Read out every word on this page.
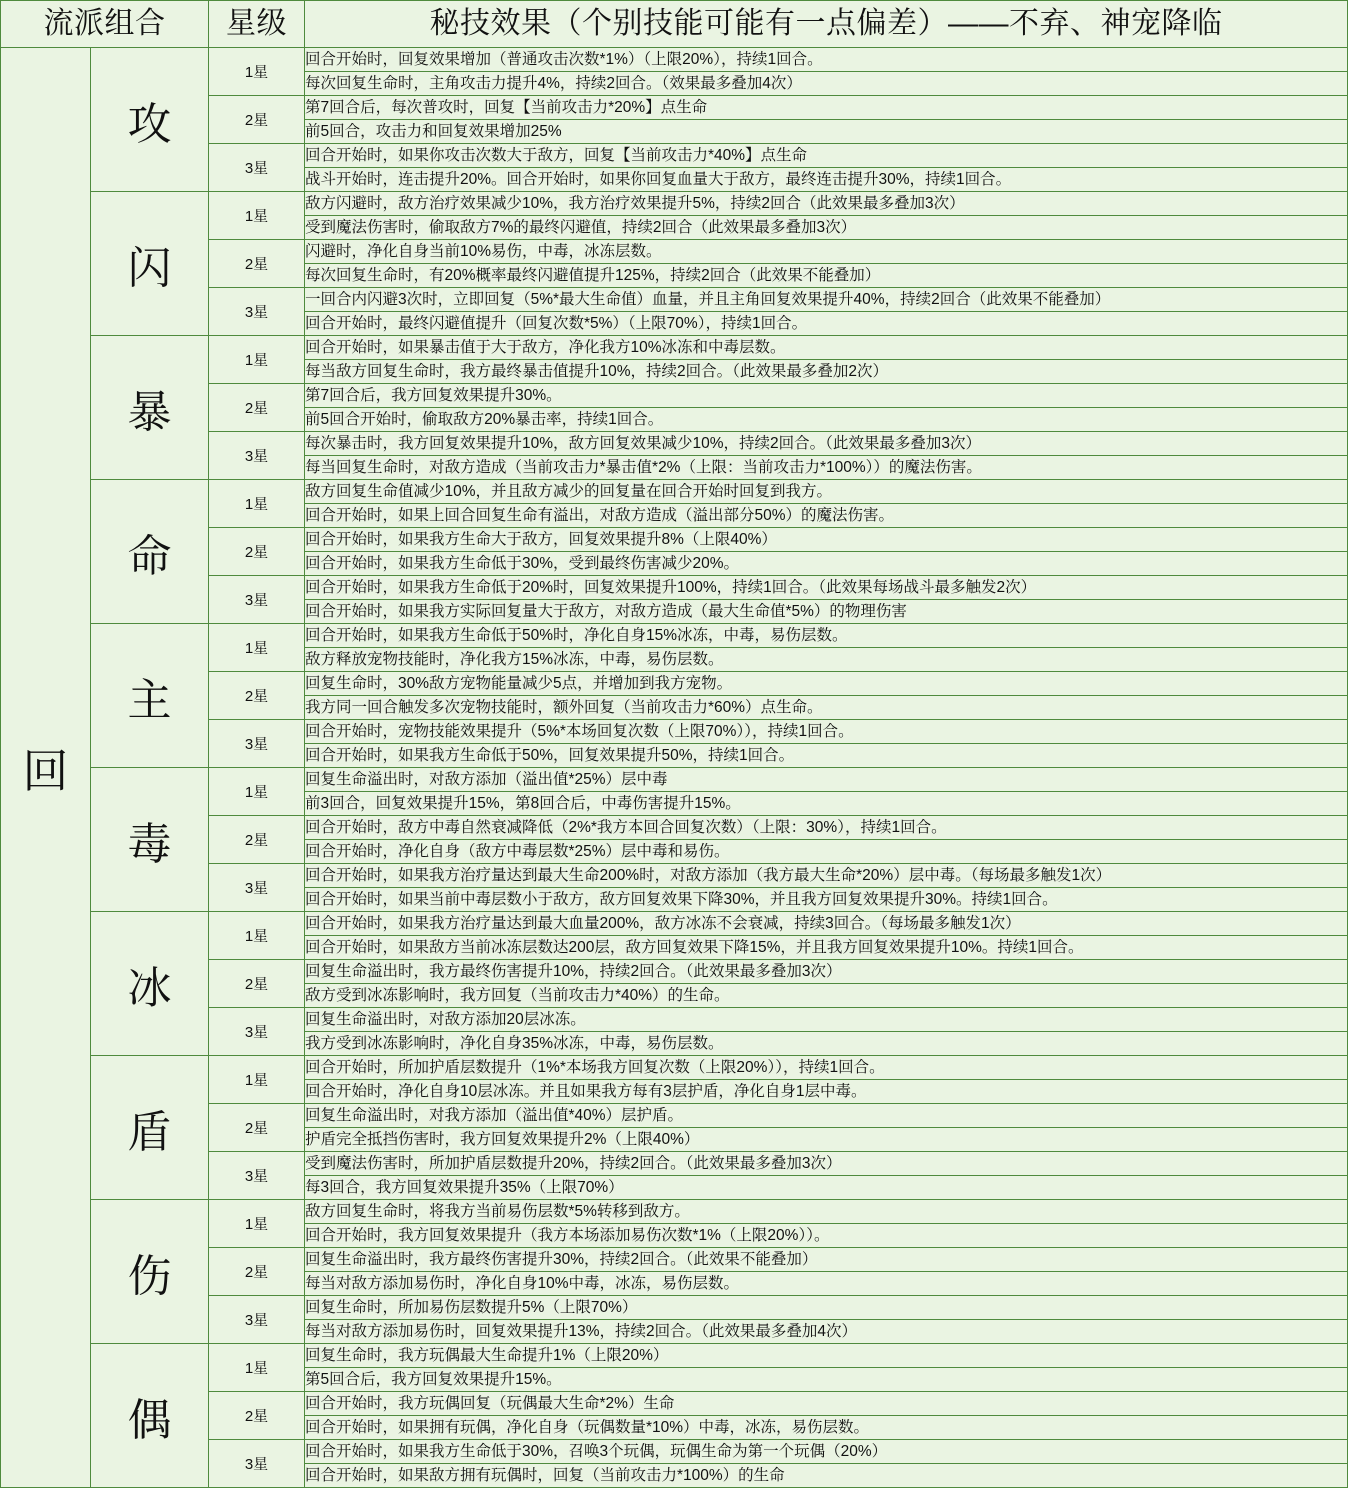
流派组合		星级	秘技效果（个别技能可能有一点偏差）——不弃、神宠降临
回	攻	1星	回合开始时，回复效果增加（普通攻击次数*1%）（上限20%），持续1回合。
			每次回复生命时，主角攻击力提升4%，持续2回合。（效果最多叠加4次）
		2星	第7回合后，每次普攻时，回复【当前攻击力*20%】点生命
			前5回合，攻击力和回复效果增加25%
		3星	回合开始时，如果你攻击次数大于敌方，回复【当前攻击力*40%】点生命
			战斗开始时，连击提升20%。回合开始时，如果你回复血量大于敌方，最终连击提升30%，持续1回合。
	闪	1星	敌方闪避时，敌方治疗效果减少10%，我方治疗效果提升5%，持续2回合（此效果最多叠加3次）
			受到魔法伤害时，偷取敌方7%的最终闪避值，持续2回合（此效果最多叠加3次）
		2星	闪避时，净化自身当前10%易伤，中毒，冰冻层数。
			每次回复生命时，有20%概率最终闪避值提升125%，持续2回合（此效果不能叠加）
		3星	一回合内闪避3次时，立即回复（5%*最大生命值）血量，并且主角回复效果提升40%，持续2回合（此效果不能叠加）
			回合开始时，最终闪避值提升（回复次数*5%）（上限70%），持续1回合。
	暴	1星	回合开始时，如果暴击值于大于敌方，净化我方10%冰冻和中毒层数。
			每当敌方回复生命时，我方最终暴击值提升10%，持续2回合。（此效果最多叠加2次）
		2星	第7回合后，我方回复效果提升30%。
			前5回合开始时，偷取敌方20%暴击率，持续1回合。
		3星	每次暴击时，我方回复效果提升10%，敌方回复效果减少10%，持续2回合。（此效果最多叠加3次）
			每当回复生命时，对敌方造成（当前攻击力*暴击值*2%（上限：当前攻击力*100%））的魔法伤害。
	命	1星	敌方回复生命值减少10%，并且敌方减少的回复量在回合开始时回复到我方。
			回合开始时，如果上回合回复生命有溢出，对敌方造成（溢出部分50%）的魔法伤害。
		2星	回合开始时，如果我方生命大于敌方，回复效果提升8%（上限40%）
			回合开始时，如果我方生命低于30%，受到最终伤害减少20%。
		3星	回合开始时，如果我方生命低于20%时，回复效果提升100%，持续1回合。（此效果每场战斗最多触发2次）
			回合开始时，如果我方实际回复量大于敌方，对敌方造成（最大生命值*5%）的物理伤害
	主	1星	回合开始时，如果我方生命低于50%时，净化自身15%冰冻，中毒，易伤层数。
			敌方释放宠物技能时，净化我方15%冰冻，中毒，易伤层数。
		2星	回复生命时，30%敌方宠物能量减少5点，并增加到我方宠物。
			我方同一回合触发多次宠物技能时，额外回复（当前攻击力*60%）点生命。
		3星	回合开始时，宠物技能效果提升（5%*本场回复次数（上限70%）），持续1回合。
			回合开始时，如果我方生命低于50%，回复效果提升50%，持续1回合。
	毒	1星	回复生命溢出时，对敌方添加（溢出值*25%）层中毒
			前3回合，回复效果提升15%，第8回合后，中毒伤害提升15%。
		2星	回合开始时，敌方中毒自然衰减降低（2%*我方本回合回复次数）（上限：30%），持续1回合。
			回合开始时，净化自身（敌方中毒层数*25%）层中毒和易伤。
		3星	回合开始时，如果我方治疗量达到最大生命200%时，对敌方添加（我方最大生命*20%）层中毒。（每场最多触发1次）
			回合开始时，如果当前中毒层数小于敌方，敌方回复效果下降30%，并且我方回复效果提升30%。持续1回合。
	冰	1星	回合开始时，如果我方治疗量达到最大血量200%，敌方冰冻不会衰减，持续3回合。（每场最多触发1次）
			回合开始时，如果敌方当前冰冻层数达200层，敌方回复效果下降15%，并且我方回复效果提升10%。持续1回合。
		2星	回复生命溢出时，我方最终伤害提升10%，持续2回合。（此效果最多叠加3次）
			敌方受到冰冻影响时，我方回复（当前攻击力*40%）的生命。
		3星	回复生命溢出时，对敌方添加20层冰冻。
			我方受到冰冻影响时，净化自身35%冰冻，中毒，易伤层数。
	盾	1星	回合开始时，所加护盾层数提升（1%*本场我方回复次数（上限20%）），持续1回合。
			回合开始时，净化自身10层冰冻。并且如果我方每有3层护盾，净化自身1层中毒。
		2星	回复生命溢出时，对我方添加（溢出值*40%）层护盾。
			护盾完全抵挡伤害时，我方回复效果提升2%（上限40%）
		3星	受到魔法伤害时，所加护盾层数提升20%，持续2回合。（此效果最多叠加3次）
			每3回合，我方回复效果提升35%（上限70%）
	伤	1星	敌方回复生命时，将我方当前易伤层数*5%转移到敌方。
			回合开始时，我方回复效果提升（我方本场添加易伤次数*1%（上限20%））。
		2星	回复生命溢出时，我方最终伤害提升30%，持续2回合。（此效果不能叠加）
			每当对敌方添加易伤时，净化自身10%中毒，冰冻，易伤层数。
		3星	回复生命时，所加易伤层数提升5%（上限70%）
			每当对敌方添加易伤时，回复效果提升13%，持续2回合。（此效果最多叠加4次）
	偶	1星	回复生命时，我方玩偶最大生命提升1%（上限20%）
			第5回合后，我方回复效果提升15%。
		2星	回合开始时，我方玩偶回复（玩偶最大生命*2%）生命
			回合开始时，如果拥有玩偶，净化自身（玩偶数量*10%）中毒，冰冻，易伤层数。
		3星	回合开始时，如果我方生命低于30%，召唤3个玩偶，玩偶生命为第一个玩偶（20%）
			回合开始时，如果敌方拥有玩偶时，回复（当前攻击力*100%）的生命
